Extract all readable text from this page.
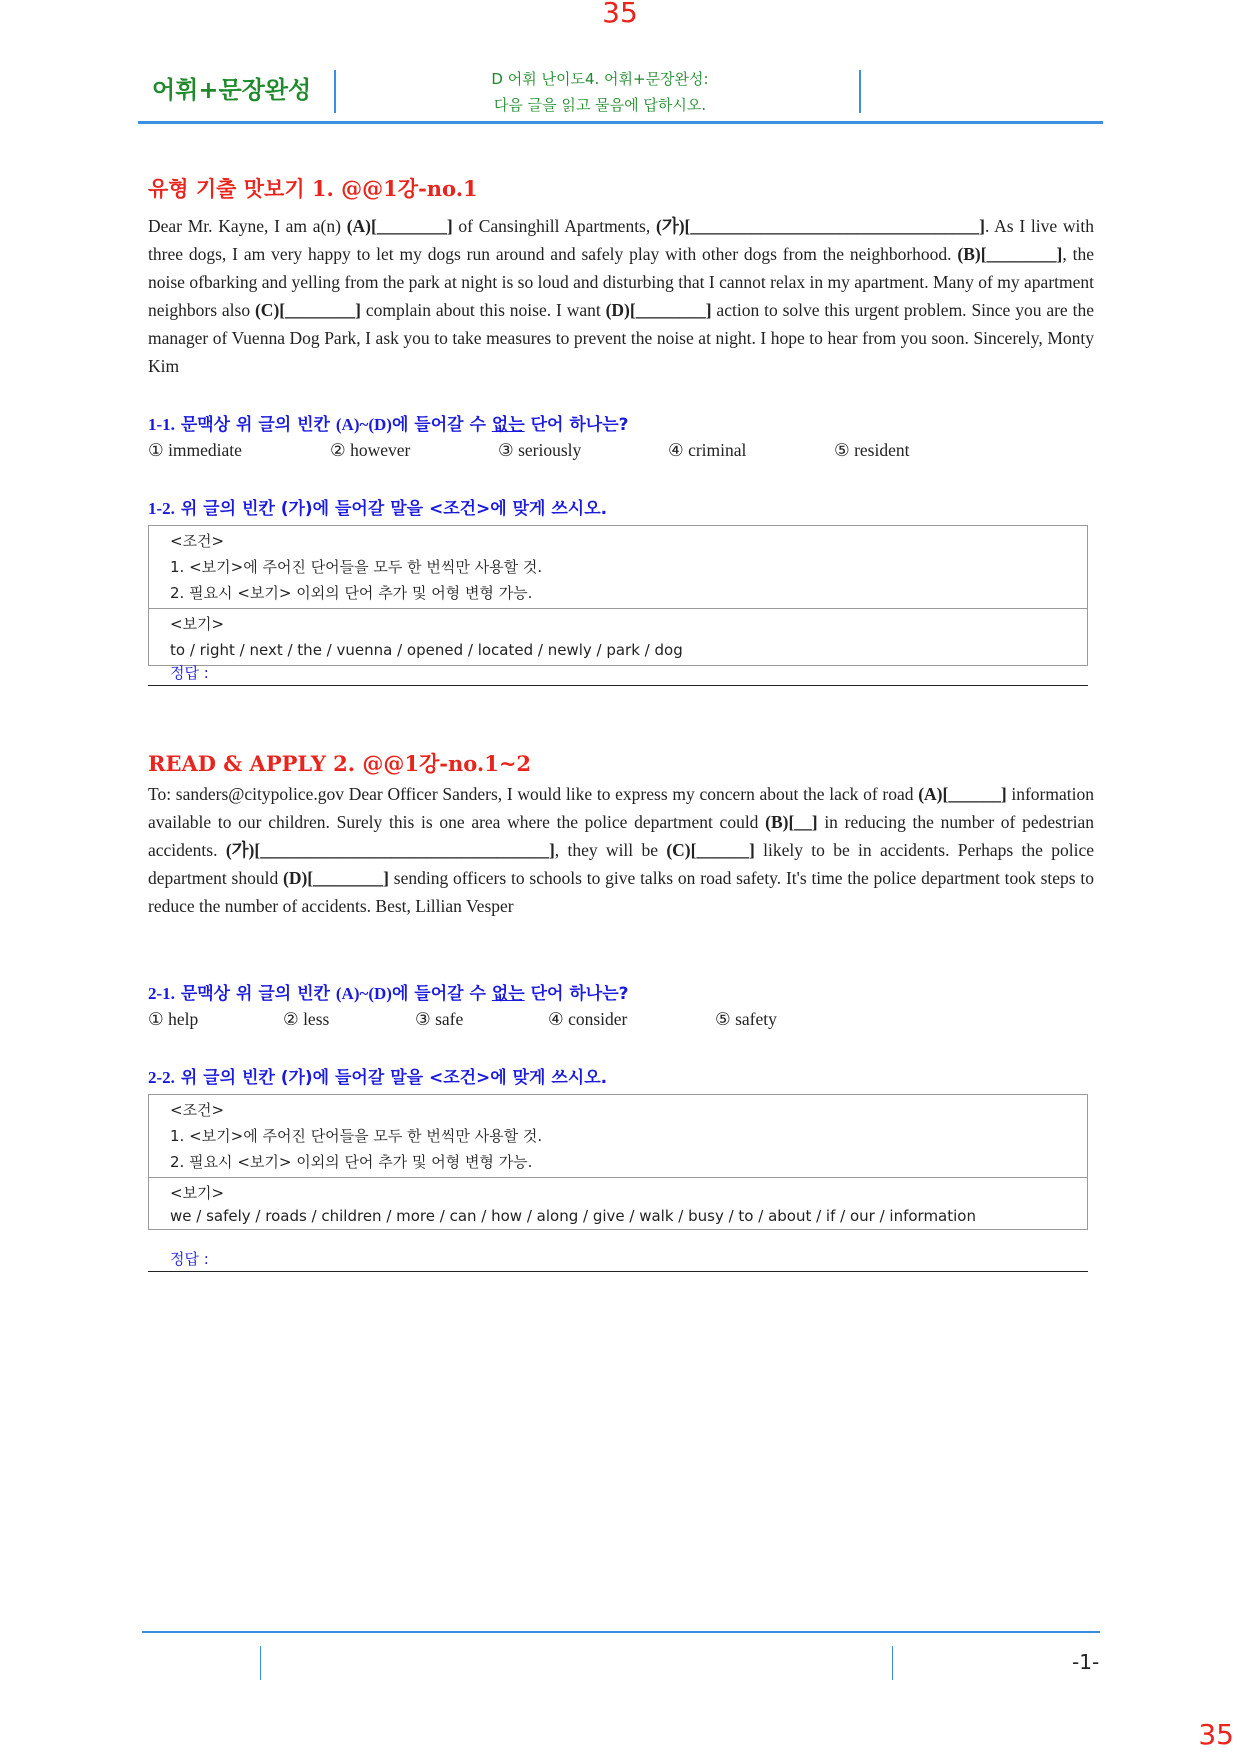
35
어휘+문장완성	D 어휘 난이도4. 어휘+문장완성:
다음 글을 읽고 물음에 답하시오.
유형 기출 맛보기 1. @@1강-no.1
Dear Mr. Kayne, I am a(n) (A)[________] of Cansinghill Apartments, (가)[_________________________________]. As I live with three dogs, I am very happy to let my dogs run around and safely play with other dogs from the neighborhood. (B)[________], the noise ofbarking and yelling from the park at night is so loud and disturbing that I cannot relax in my apartment. Many of my apartment neighbors also (C)[________] complain about this noise. I want (D)[________] action to solve this urgent problem. Since you are the manager of Vuenna Dog Park, I ask you to take measures to prevent the noise at night. I hope to hear from you soon. Sincerely, Monty Kim
1-1. 문맥상 위 글의 빈칸 (A)~(D)에 들어갈 수 없는 단어 하나는?
① immediate	② however	③ seriously	④ criminal	⑤ resident
1-2. 위 글의 빈칸 (가)에 들어갈 말을 <조건>에 맞게 쓰시오.
<조건>
1. <보기>에 주어진 단어들을 모두 한 번씩만 사용할 것.
2. 필요시 <보기> 이외의 단어 추가 및 어형 변형 가능.
<보기>
to / right / next / the / vuenna / opened / located / newly / park / dog
정답 :
READ & APPLY 2. @@1강-no.1~2
To: sanders@citypolice.gov Dear Officer Sanders, I would like to express my concern about the lack of road (A)[______] information available to our children. Surely this is one area where the police department could (B)[__] in reducing the number of pedestrian accidents. (가)[_________________________________], they will be (C)[______] likely to be in accidents. Perhaps the police department should (D)[________] sending officers to schools to give talks on road safety. It's time the police department took steps to reduce the number of accidents. Best, Lillian Vesper
2-1. 문맥상 위 글의 빈칸 (A)~(D)에 들어갈 수 없는 단어 하나는?
① help	② less	③ safe	④ consider	⑤ safety
2-2. 위 글의 빈칸 (가)에 들어갈 말을 <조건>에 맞게 쓰시오.
<조건>
1. <보기>에 주어진 단어들을 모두 한 번씩만 사용할 것.
2. 필요시 <보기> 이외의 단어 추가 및 어형 변형 가능.
<보기>
we / safely / roads / children / more / can / how / along / give / walk / busy / to / about / if / our / information
정답 :
-1-
35
